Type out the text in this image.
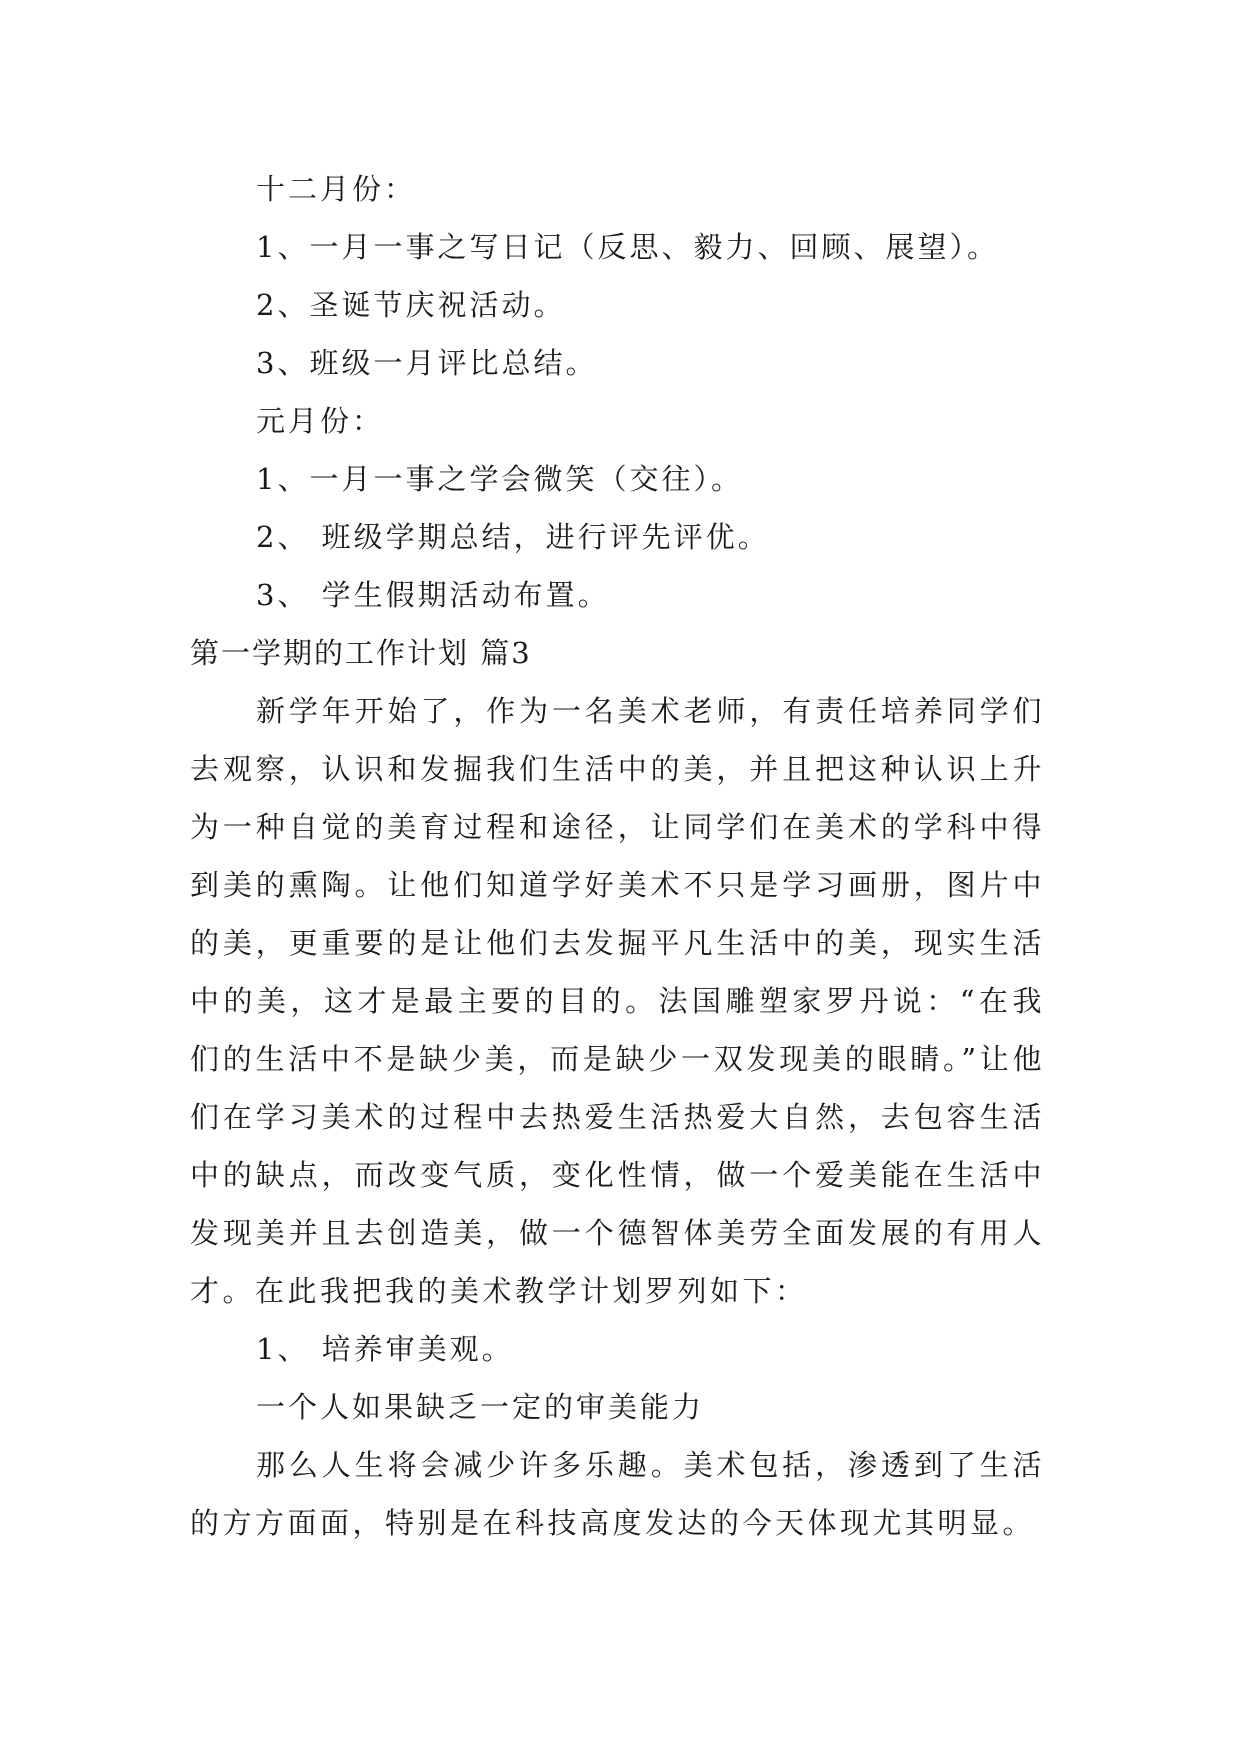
十二月份：
1、一月一事之写日记（反思、毅力、回顾、展望）。
2、圣诞节庆祝活动。
3、班级一月评比总结。
元月份：
1、一月一事之学会微笑（交往）。
2、 班级学期总结，进行评先评优。
3、 学生假期活动布置。
第一学期的工作计划 篇3

新学年开始了，作为一名美术老师，有责任培养同学们去观察，认识和发掘我们生活中的美，并且把这种认识上升为一种自觉的美育过程和途径，让同学们在美术的学科中得到美的熏陶。让他们知道学好美术不只是学习画册，图片中的美，更重要的是让他们去发掘平凡生活中的美，现实生活中的美，这才是最主要的目的。法国雕塑家罗丹说：“在我们的生活中不是缺少美，而是缺少一双发现美的眼睛。”让他们在学习美术的过程中去热爱生活热爱大自然，去包容生活中的缺点，而改变气质，变化性情，做一个爱美能在生活中发现美并且去创造美，做一个德智体美劳全面发展的有用人才。在此我把我的美术教学计划罗列如下：

1、 培养审美观。
一个人如果缺乏一定的审美能力

那么人生将会减少许多乐趣。美术包括，渗透到了生活的方方面面，特别是在科技高度发达的今天体现尤其明显。
